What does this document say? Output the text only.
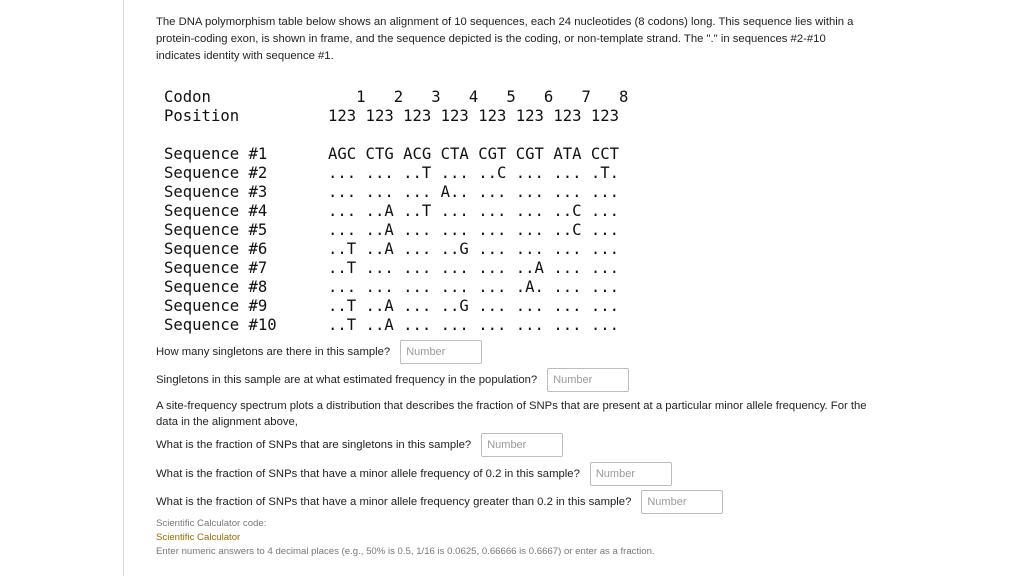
The DNA polymorphism table below shows an alignment of 10 sequences, each 24 nucleotides (8 codons) long. This sequence lies within a protein-coding exon, is shown in frame, and the sequence depicted is the coding, or non-template strand. The "." in sequences #2-#10 indicates identity with sequence #1.

Codon	1   2   3   4   5   6   7   8
Position	123 123 123 123 123 123 123 123
Sequence #1	AGC CTG ACG CTA CGT CGT ATA CCT
Sequence #2	... ... ..T ... ..C ... ... .T.
Sequence #3	... ... ... A.. ... ... ... ...
Sequence #4	... ..A ..T ... ... ... ..C ...
Sequence #5	... ..A ... ... ... ... ..C ...
Sequence #6	..T ..A ... ..G ... ... ... ...
Sequence #7	..T ... ... ... ... ..A ... ...
Sequence #8	... ... ... ... ... .A. ... ...
Sequence #9	..T ..A ... ..G ... ... ... ...
Sequence #10	..T ..A ... ... ... ... ... ...
How many singletons are there in this sample?
Number
Singletons in this sample are at what estimated frequency in the population?
Number

A site-frequency spectrum plots a distribution that describes the fraction of SNPs that are present at a particular minor allele frequency. For the data in the alignment above,

What is the fraction of SNPs that are singletons in this sample?
Number
What is the fraction of SNPs that have a minor allele frequency of 0.2 in this sample?
Number
What is the fraction of SNPs that have a minor allele frequency greater than 0.2 in this sample?
Number
Scientific Calculator code:
Scientific Calculator
Enter numeric answers to 4 decimal places (e.g., 50% is 0.5, 1/16 is 0.0625, 0.66666 is 0.6667) or enter as a fraction.
